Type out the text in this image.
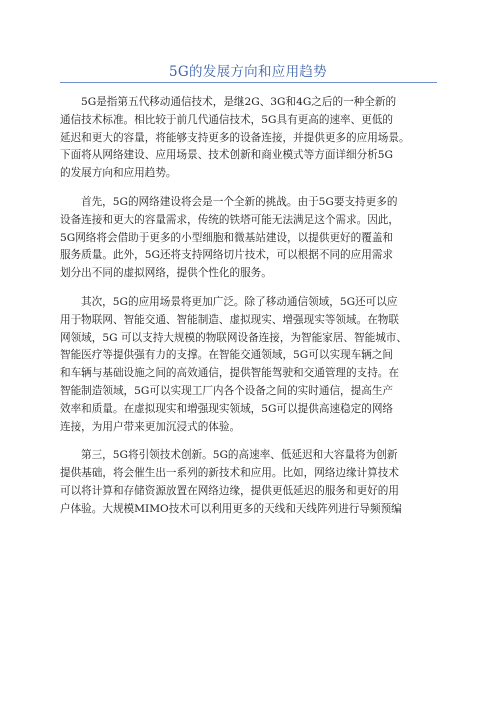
5G的发展方向和应用趋势
5G是指第五代移动通信技术，是继2G、3G和4G之后的一种全新的
通信技术标准。相比较于前几代通信技术，5G具有更高的速率、更低的
延迟和更大的容量，将能够支持更多的设备连接，并提供更多的应用场景。
下面将从网络建设、应用场景、技术创新和商业模式等方面详细分析5G
的发展方向和应用趋势。
首先，5G的网络建设将会是一个全新的挑战。由于5G要支持更多的
设备连接和更大的容量需求，传统的铁塔可能无法满足这个需求。因此，
5G网络将会借助于更多的小型细胞和微基站建设，以提供更好的覆盖和
服务质量。此外，5G还将支持网络切片技术，可以根据不同的应用需求
划分出不同的虚拟网络，提供个性化的服务。
其次，5G的应用场景将更加广泛。除了移动通信领域，5G还可以应
用于物联网、智能交通、智能制造、虚拟现实、增强现实等领域。在物联
网领域，5G 可以支持大规模的物联网设备连接，为智能家居、智能城市、
智能医疗等提供强有力的支撑。在智能交通领域，5G可以实现车辆之间
和车辆与基础设施之间的高效通信，提供智能驾驶和交通管理的支持。在
智能制造领域，5G可以实现工厂内各个设备之间的实时通信，提高生产
效率和质量。在虚拟现实和增强现实领域，5G可以提供高速稳定的网络
连接，为用户带来更加沉浸式的体验。
第三，5G将引领技术创新。5G的高速率、低延迟和大容量将为创新
提供基础，将会催生出一系列的新技术和应用。比如，网络边缘计算技术
可以将计算和存储资源放置在网络边缘，提供更低延迟的服务和更好的用
户体验。大规模MIMO技术可以利用更多的天线和天线阵列进行导频预编
